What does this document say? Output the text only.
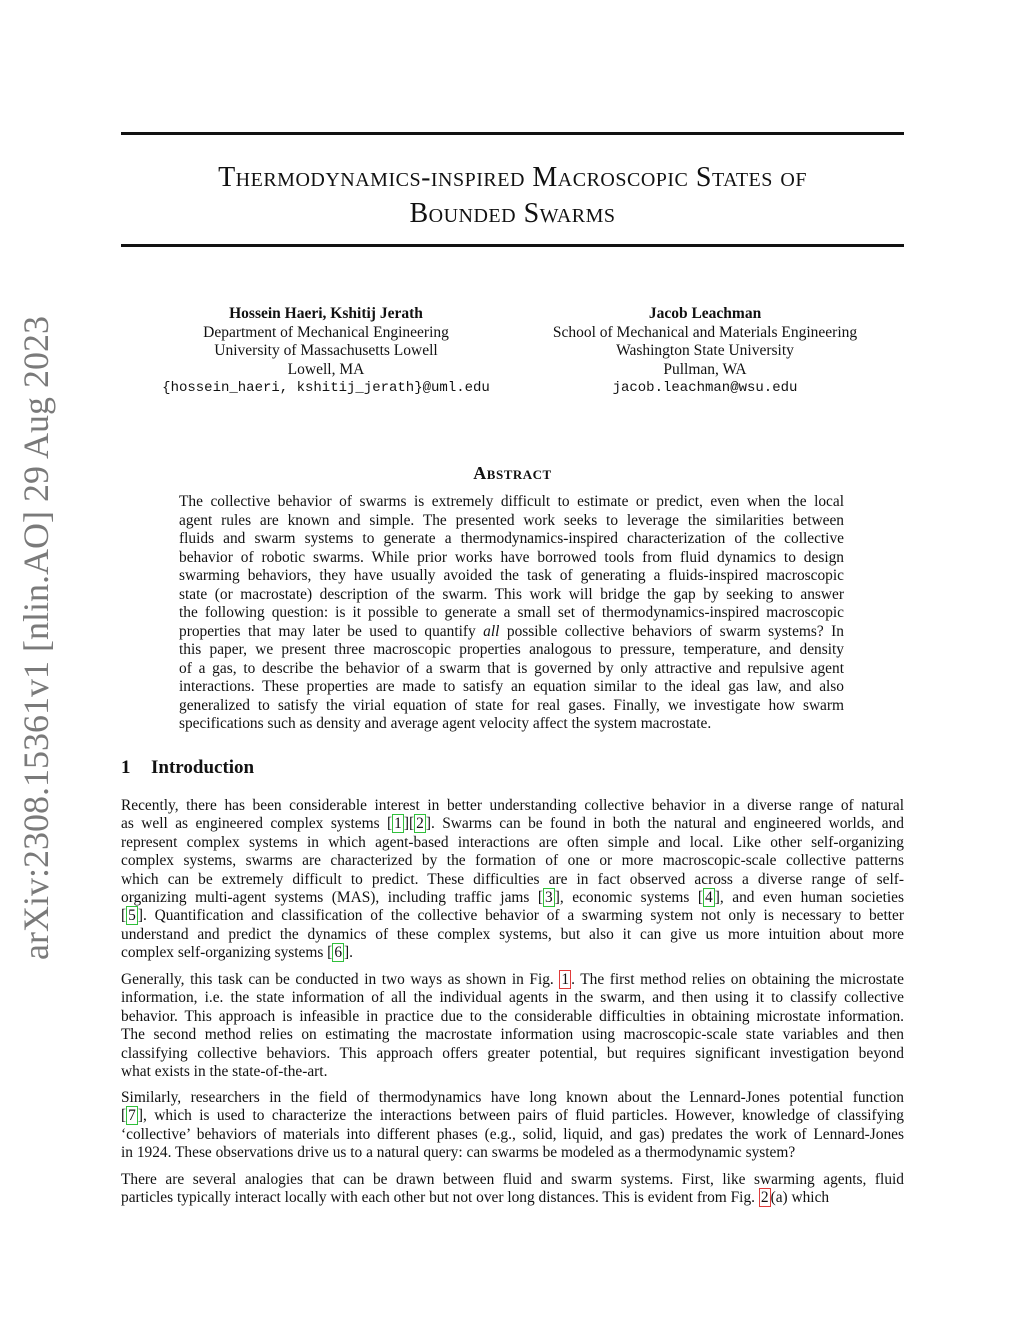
arXiv:2308.15361v1 [nlin.AO] 29 Aug 2023
Thermodynamics-inspired Macroscopic States of
Bounded Swarms
Hossein Haeri, Kshitij Jerath
Department of Mechanical Engineering
University of Massachusetts Lowell
Lowell, MA
{hossein_haeri, kshitij_jerath}@uml.edu
Jacob Leachman
School of Mechanical and Materials Engineering
Washington State University
Pullman, WA
jacob.leachman@wsu.edu
Abstract
The collective behavior of swarms is extremely difficult to estimate or predict, even when the local
agent rules are known and simple. The presented work seeks to leverage the similarities between
fluids and swarm systems to generate a thermodynamics-inspired characterization of the collective
behavior of robotic swarms. While prior works have borrowed tools from fluid dynamics to design
swarming behaviors, they have usually avoided the task of generating a fluids-inspired macroscopic
state (or macrostate) description of the swarm. This work will bridge the gap by seeking to answer
the following question: is it possible to generate a small set of thermodynamics-inspired macroscopic
properties that may later be used to quantify all possible collective behaviors of swarm systems? In
this paper, we present three macroscopic properties analogous to pressure, temperature, and density
of a gas, to describe the behavior of a swarm that is governed by only attractive and repulsive agent
interactions. These properties are made to satisfy an equation similar to the ideal gas law, and also
generalized to satisfy the virial equation of state for real gases. Finally, we investigate how swarm
specifications such as density and average agent velocity affect the system macrostate.
1 Introduction
Recently, there has been considerable interest in better understanding collective behavior in a diverse range of natural
as well as engineered complex systems [ 1 ][ 2 ]. Swarms can be found in both the natural and engineered worlds, and
represent complex systems in which agent-based interactions are often simple and local. Like other self-organizing
complex systems, swarms are characterized by the formation of one or more macroscopic-scale collective patterns
which can be extremely difficult to predict. These difficulties are in fact observed across a diverse range of self-
organizing multi-agent systems (MAS), including traffic jams [ 3 ], economic systems [ 4 ], and even human societies
[ 5 ]. Quantification and classification of the collective behavior of a swarming system not only is necessary to better
understand and predict the dynamics of these complex systems, but also it can give us more intuition about more
complex self-organizing systems [ 6 ].
Generally, this task can be conducted in two ways as shown in Fig. 1 . The first method relies on obtaining the microstate
information, i.e. the state information of all the individual agents in the swarm, and then using it to classify collective
behavior. This approach is infeasible in practice due to the considerable difficulties in obtaining microstate information.
The second method relies on estimating the macrostate information using macroscopic-scale state variables and then
classifying collective behaviors. This approach offers greater potential, but requires significant investigation beyond
what exists in the state-of-the-art.
Similarly, researchers in the field of thermodynamics have long known about the Lennard-Jones potential function
[ 7 ], which is used to characterize the interactions between pairs of fluid particles. However, knowledge of classifying
‘collective’ behaviors of materials into different phases (e.g., solid, liquid, and gas) predates the work of Lennard-Jones
in 1924. These observations drive us to a natural query: can swarms be modeled as a thermodynamic system?
There are several analogies that can be drawn between fluid and swarm systems. First, like swarming agents, fluid
particles typically interact locally with each other but not over long distances. This is evident from Fig. 2 (a) which
